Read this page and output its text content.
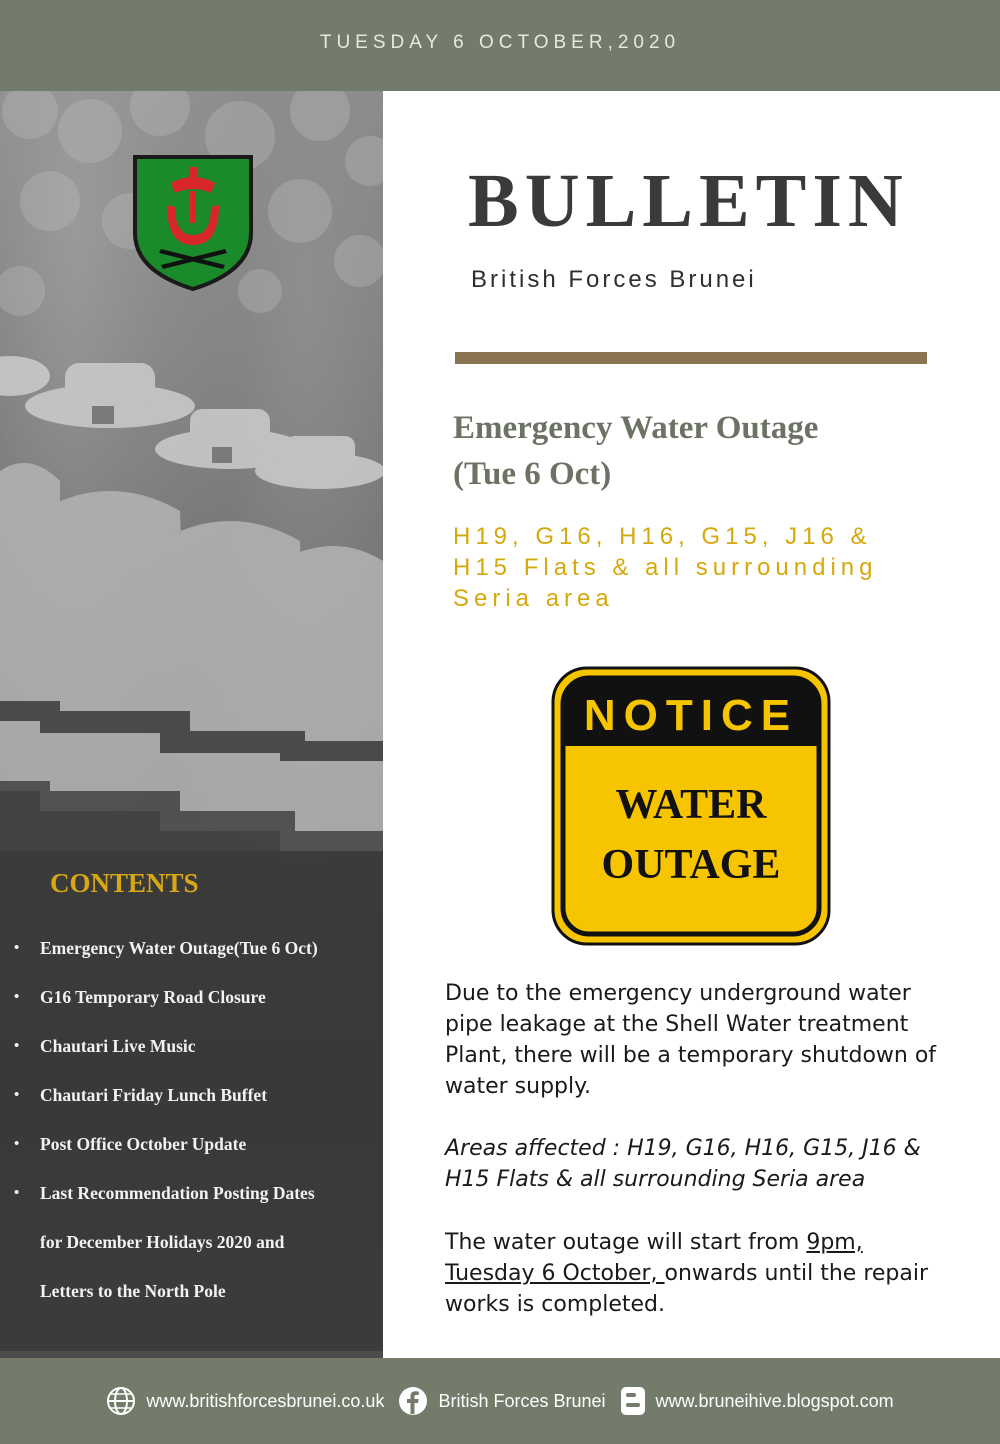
TUESDAY 6 OCTOBER,2020
CONTENTS
• Emergency Water Outage(Tue 6 Oct)
• G16 Temporary Road Closure
• Chautari Live Music
• Chautari Friday Lunch Buffet
• Post Office October Update
• Last Recommendation Posting Dates
for December Holidays 2020 and
Letters to the North Pole
BULLETIN
British Forces Brunei
Emergency Water Outage
(Tue 6 Oct)
H19, G16, H16, G15, J16 &
H15 Flats & all surrounding
Seria area
NOTICE
WATER
OUTAGE

Due to the emergency underground water pipe leakage at the Shell Water treatment Plant, there will be a temporary shutdown of water supply.

Areas affected : H19, G16, H16, G15, J16 & H15 Flats & all surrounding Seria area

The water outage will start from 9pm, Tuesday 6 October, onwards until the repair works is completed.

www.britishforcesbrunei.co.uk	British Forces Brunei	www.bruneihive.blogspot.com
